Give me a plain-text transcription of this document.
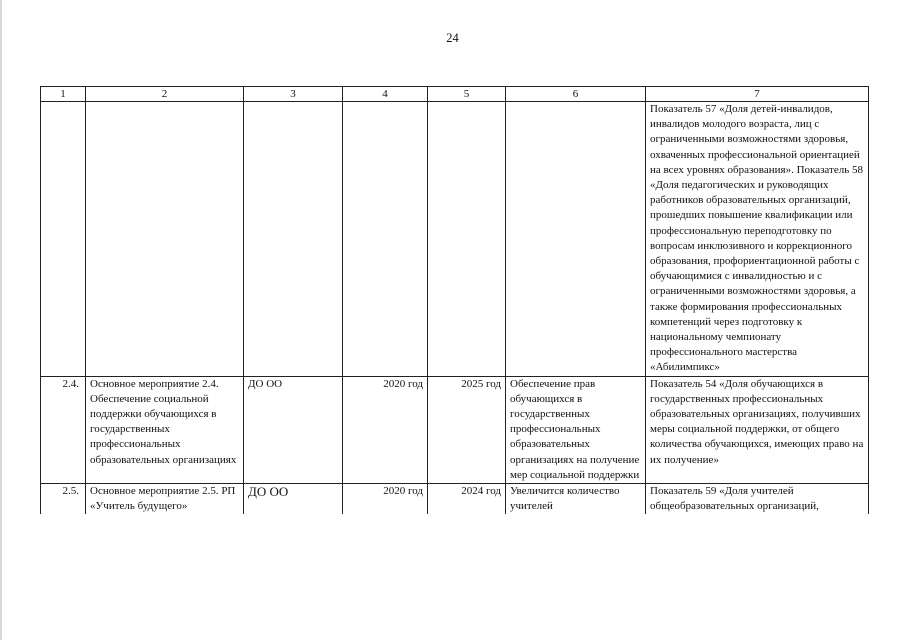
24
1	2	3	4	5	6	7
						Показатель 57 «Доля детей-инвалидов, инвалидов молодого возраста, лиц с ограниченными возможностями здоровья, охваченных профессиональной ориентацией на всех уровнях образования». Показатель 58 «Доля педагогических и руководящих работников образовательных организаций, прошедших повышение квалификации или профессиональную переподготовку по вопросам инклюзивного и коррекционного образования, профориентационной работы с обучающимися с инвалидностью и с ограниченными возможностями здоровья, а также формирования профессиональных компетенций через подготовку к национальному чемпионату профессионального мастерства «Абилимпикс»
2.4.	Основное мероприятие 2.4. Обеспечение социальной поддержки обучающихся в государственных профессиональных образовательных организациях	ДО ОО	2020 год	2025 год	Обеспечение прав обучающихся в государственных профессиональных образовательных организациях на получение мер социальной поддержки	Показатель 54 «Доля обучающихся в государственных профессиональных образовательных организациях, получивших меры социальной поддержки, от общего количества обучающихся, имеющих право на их получение»
2.5.	Основное мероприятие 2.5. РП «Учитель будущего»	ДО ОО	2020 год	2024 год	Увеличится количество учителей	Показатель 59 «Доля учителей общеобразовательных организаций,
